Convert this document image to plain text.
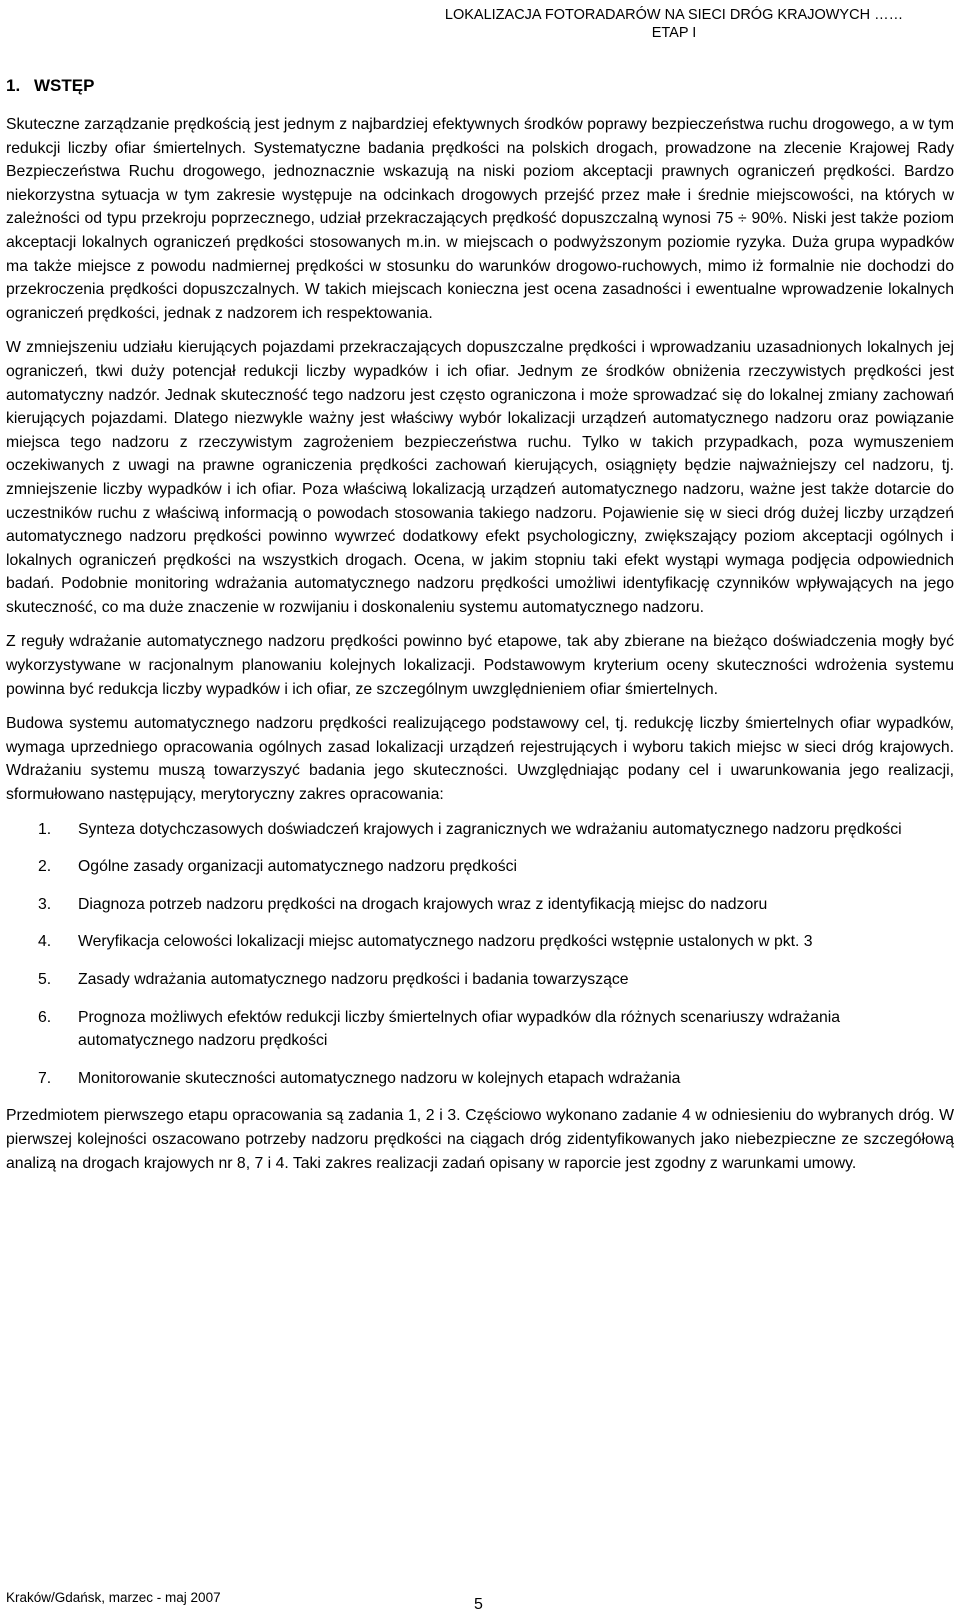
LOKALIZACJA FOTORADARÓW NA SIECI DRÓG KRAJOWYCH ……
ETAP I
1. WSTĘP

Skuteczne zarządzanie prędkością jest jednym z najbardziej efektywnych środków poprawy bezpieczeństwa ruchu drogowego, a w tym redukcji liczby ofiar śmiertelnych. Systematyczne badania prędkości na polskich drogach, prowadzone na zlecenie Krajowej Rady Bezpieczeństwa Ruchu drogowego, jednoznacznie wskazują na niski poziom akceptacji prawnych ograniczeń prędkości. Bardzo niekorzystna sytuacja w tym zakresie występuje na odcinkach drogowych przejść przez małe i średnie miejscowości, na których w zależności od typu przekroju poprzecznego, udział przekraczających prędkość dopuszczalną wynosi 75 ÷ 90%. Niski jest także poziom akceptacji lokalnych ograniczeń prędkości stosowanych m.in. w miejscach o podwyższonym poziomie ryzyka. Duża grupa wypadków ma także miejsce z powodu nadmiernej prędkości w stosunku do warunków drogowo-ruchowych, mimo iż formalnie nie dochodzi do przekroczenia prędkości dopuszczalnych. W takich miejscach konieczna jest ocena zasadności i ewentualne wprowadzenie lokalnych ograniczeń prędkości, jednak z nadzorem ich respektowania.

W zmniejszeniu udziału kierujących pojazdami przekraczających dopuszczalne prędkości i wprowadzaniu uzasadnionych lokalnych jej ograniczeń, tkwi duży potencjał redukcji liczby wypadków i ich ofiar. Jednym ze środków obniżenia rzeczywistych prędkości jest automatyczny nadzór. Jednak skuteczność tego nadzoru jest często ograniczona i może sprowadzać się do lokalnej zmiany zachowań kierujących pojazdami. Dlatego niezwykle ważny jest właściwy wybór lokalizacji urządzeń automatycznego nadzoru oraz powiązanie miejsca tego nadzoru z rzeczywistym zagrożeniem bezpieczeństwa ruchu. Tylko w takich przypadkach, poza wymuszeniem oczekiwanych z uwagi na prawne ograniczenia prędkości zachowań kierujących, osiągnięty będzie najważniejszy cel nadzoru, tj. zmniejszenie liczby wypadków i ich ofiar. Poza właściwą lokalizacją urządzeń automatycznego nadzoru, ważne jest także dotarcie do uczestników ruchu z właściwą informacją o powodach stosowania takiego nadzoru. Pojawienie się w sieci dróg dużej liczby urządzeń automatycznego nadzoru prędkości powinno wywrzeć dodatkowy efekt psychologiczny, zwiększający poziom akceptacji ogólnych i lokalnych ograniczeń prędkości na wszystkich drogach. Ocena, w jakim stopniu taki efekt wystąpi wymaga podjęcia odpowiednich badań. Podobnie monitoring wdrażania automatycznego nadzoru prędkości umożliwi identyfikację czynników wpływających na jego skuteczność, co ma duże znaczenie w rozwijaniu i doskonaleniu systemu automatycznego nadzoru.

Z reguły wdrażanie automatycznego nadzoru prędkości powinno być etapowe, tak aby zbierane na bieżąco doświadczenia mogły być wykorzystywane w racjonalnym planowaniu kolejnych lokalizacji. Podstawowym kryterium oceny skuteczności wdrożenia systemu powinna być redukcja liczby wypadków i ich ofiar, ze szczególnym uwzględnieniem ofiar śmiertelnych.

Budowa systemu automatycznego nadzoru prędkości realizującego podstawowy cel, tj. redukcję liczby śmiertelnych ofiar wypadków, wymaga uprzedniego opracowania ogólnych zasad lokalizacji urządzeń rejestrujących i wyboru takich miejsc w sieci dróg krajowych. Wdrażaniu systemu muszą towarzyszyć badania jego skuteczności. Uwzględniając podany cel i uwarunkowania jego realizacji, sformułowano następujący, merytoryczny zakres opracowania:

1.	Synteza dotychczasowych doświadczeń krajowych i zagranicznych we wdrażaniu automatycznego nadzoru prędkości
2.	Ogólne zasady organizacji automatycznego nadzoru prędkości
3.	Diagnoza potrzeb nadzoru prędkości na drogach krajowych wraz z identyfikacją miejsc do nadzoru
4.	Weryfikacja celowości lokalizacji miejsc automatycznego nadzoru prędkości wstępnie ustalonych w pkt. 3
5.	Zasady wdrażania automatycznego nadzoru prędkości i badania towarzyszące
6.	Prognoza możliwych efektów redukcji liczby śmiertelnych ofiar wypadków dla różnych scenariuszy wdrażania automatycznego nadzoru prędkości
7.	Monitorowanie skuteczności automatycznego nadzoru w kolejnych etapach wdrażania

Przedmiotem pierwszego etapu opracowania są zadania 1, 2 i 3. Częściowo wykonano zadanie 4 w odniesieniu do wybranych dróg. W pierwszej kolejności oszacowano potrzeby nadzoru prędkości na ciągach dróg zidentyfikowanych jako niebezpieczne ze szczegółową analizą na drogach krajowych nr 8, 7 i 4. Taki zakres realizacji zadań opisany w raporcie jest zgodny z warunkami umowy.

Kraków/Gdańsk, marzec - maj 2007	5
